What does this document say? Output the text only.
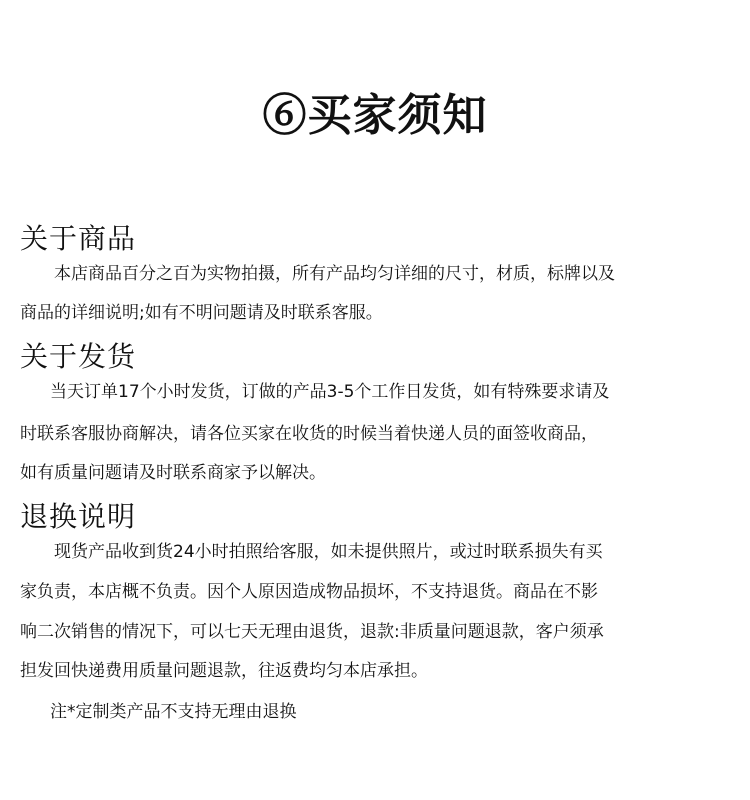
⑥买家须知
关于商品
本店商品百分之百为实物拍摄，所有产品均匀详细的尺寸，材质，标牌以及
商品的详细说明;如有不明问题请及时联系客服。
关于发货
当天订单17个小时发货，订做的产品3-5个工作日发货，如有特殊要求请及
时联系客服协商解决，请各位买家在收货的时候当着快递人员的面签收商品，
如有质量问题请及时联系商家予以解决。
退换说明
现货产品收到货24小时拍照给客服，如未提供照片，或过时联系损失有买
家负责，本店概不负责。因个人原因造成物品损坏，不支持退货。商品在不影
响二次销售的情况下，可以七天无理由退货，退款:非质量问题退款，客户须承
担发回快递费用质量问题退款，往返费均匀本店承担。
注*定制类产品不支持无理由退换
